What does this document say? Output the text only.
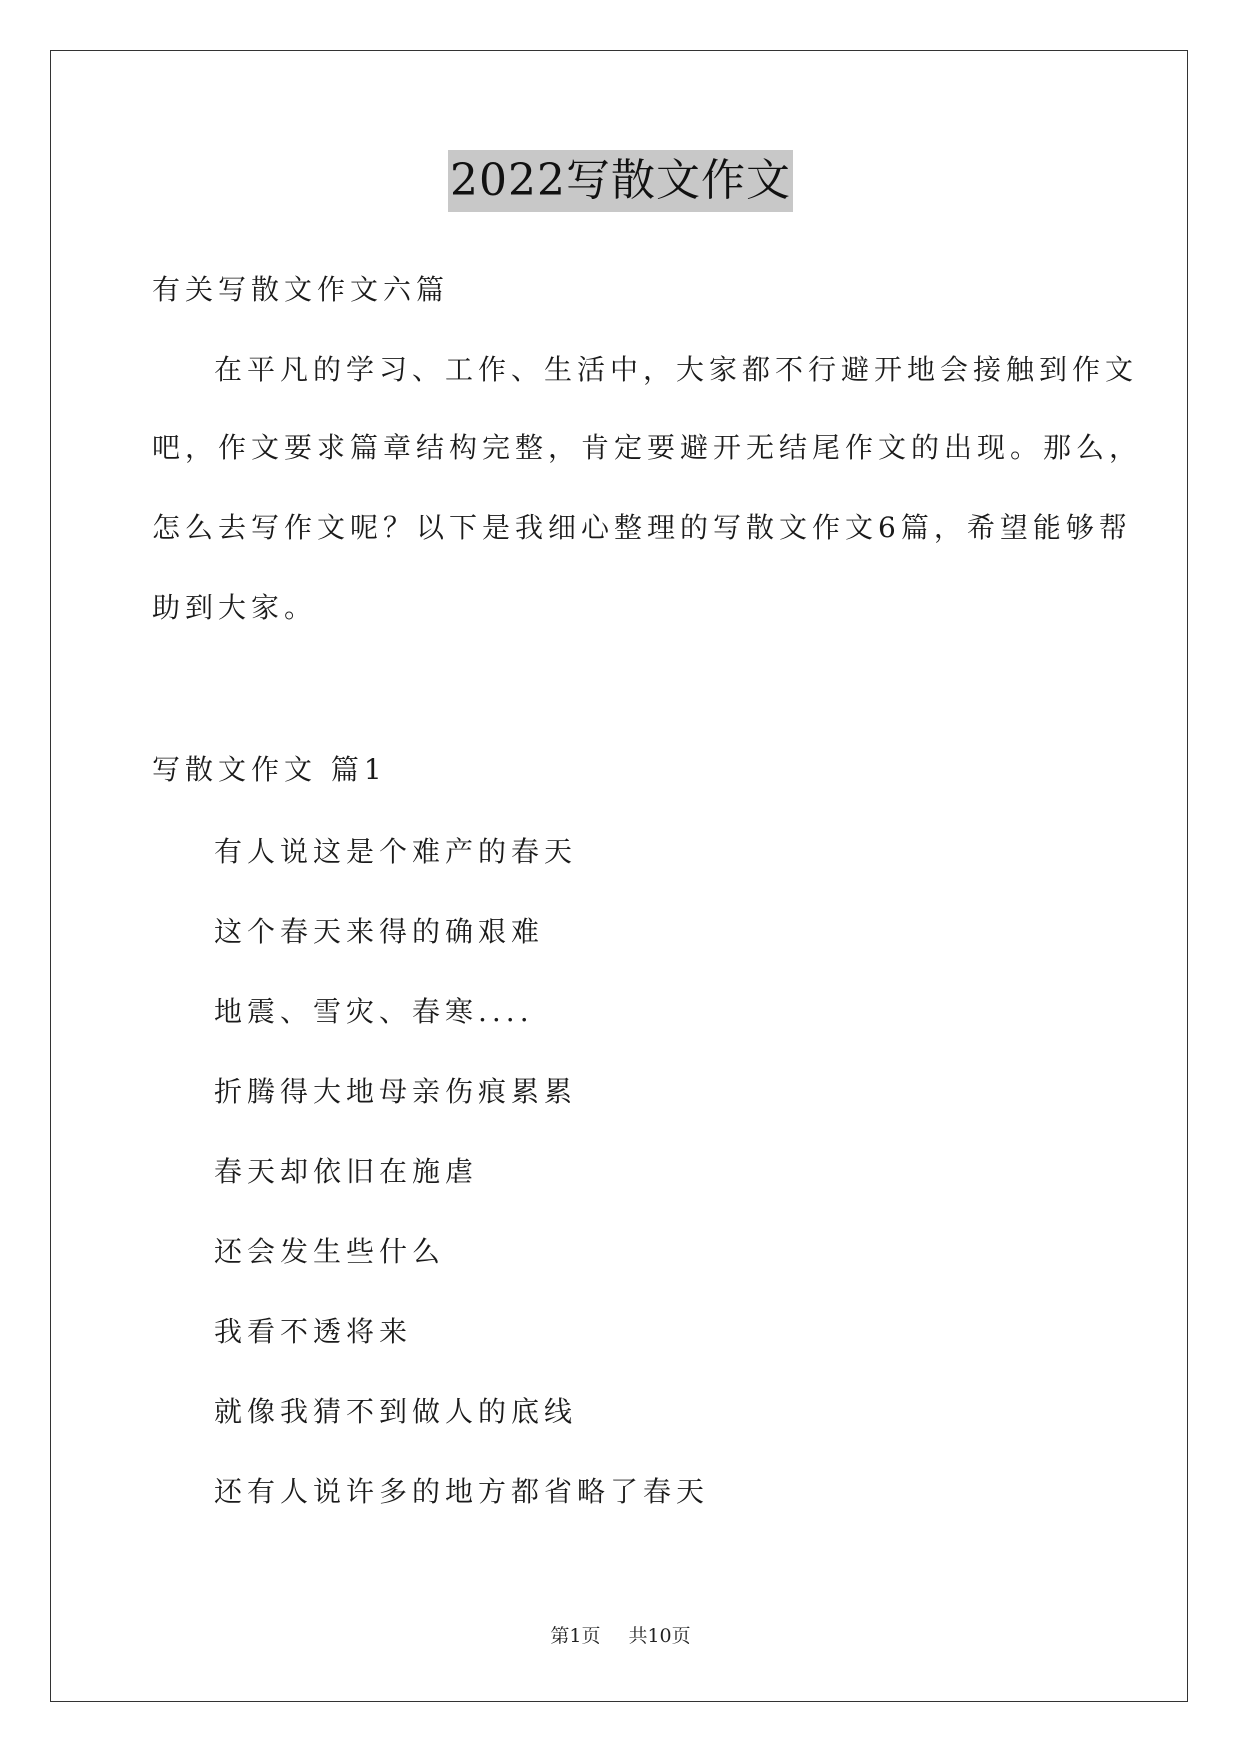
2022写散文作文
有关写散文作文六篇
在平凡的学习、工作、生活中，大家都不行避开地会接触到作文
吧，作文要求篇章结构完整，肯定要避开无结尾作文的出现。那么，
怎么去写作文呢？以下是我细心整理的写散文作文6篇，希望能够帮
助到大家。
写散文作文 篇1
有人说这是个难产的春天
这个春天来得的确艰难
地震、雪灾、春寒....
折腾得大地母亲伤痕累累
春天却依旧在施虐
还会发生些什么
我看不透将来
就像我猜不到做人的底线
还有人说许多的地方都省略了春天
第1页 共10页
